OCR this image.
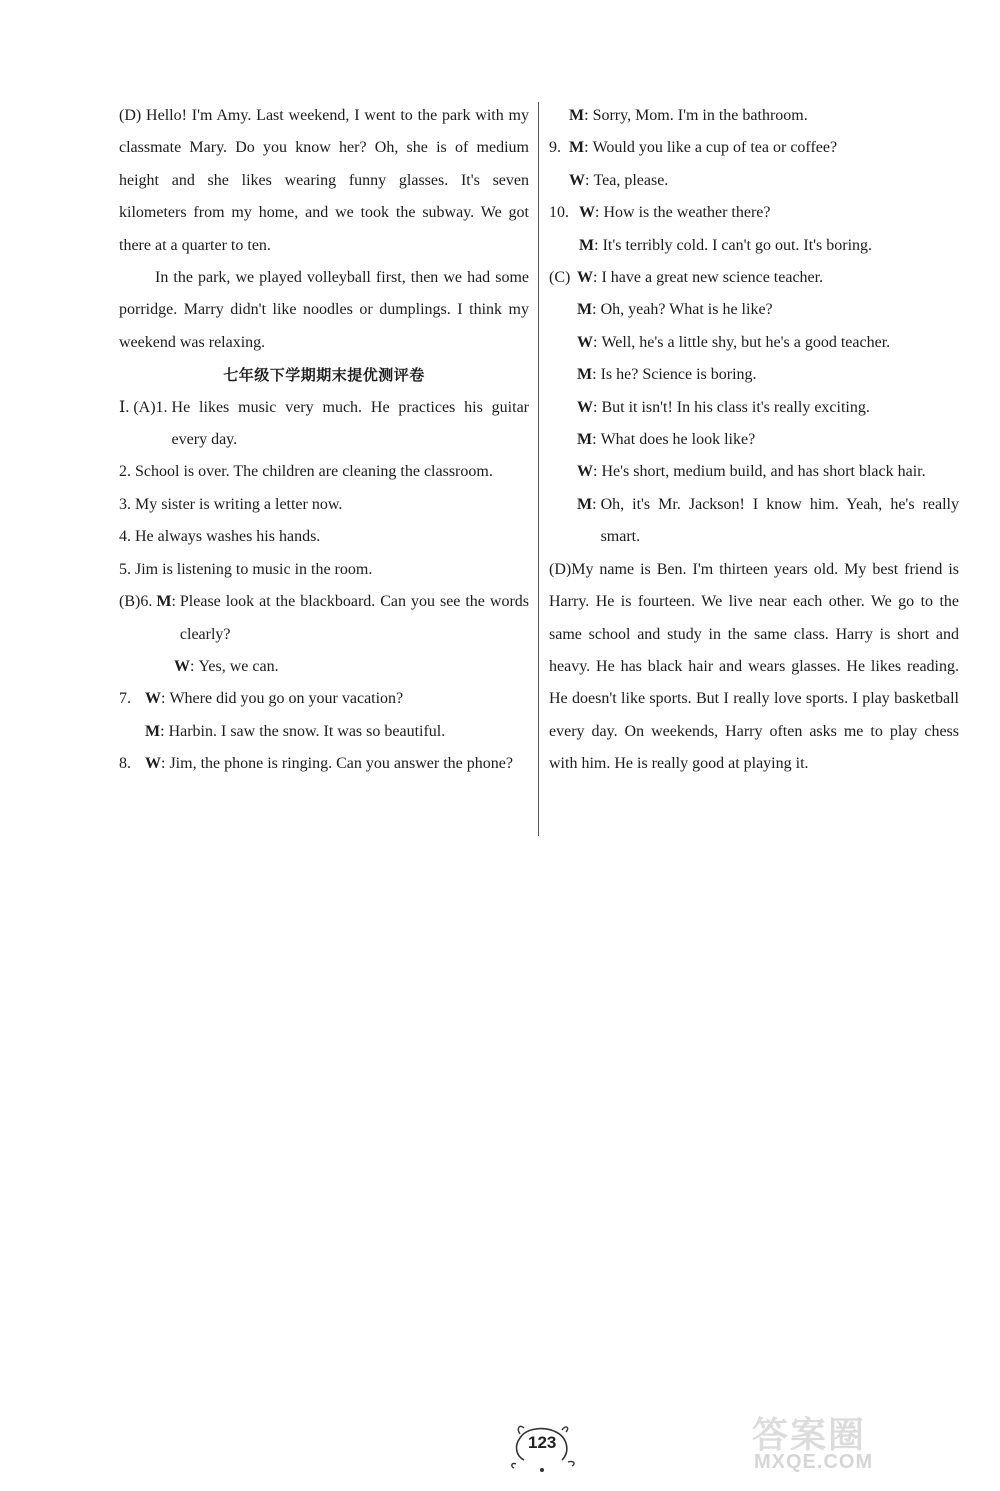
(D) Hello! I'm Amy. Last weekend, I went to the park with my classmate Mary. Do you know her? Oh, she is of medium height and she likes wearing funny glasses. It's seven kilometers from my home, and we took the subway. We got there at a quarter to ten.
In the park, we played volleyball first, then we had some porridge. Marry didn't like noodles or dumplings. I think my weekend was relaxing.
七年级下学期期末提优测评卷
Ⅰ. (A)1. He likes music very much. He practices his guitar every day.
2. School is over. The children are cleaning the classroom.
3. My sister is writing a letter now.
4. He always washes his hands.
5. Jim is listening to music in the room.
(B)6. M : Please look at the blackboard. Can you see the words clearly?
W : Yes, we can.
7. W : Where did you go on your vacation?
M : Harbin. I saw the snow. It was so beautiful.
8. W : Jim, the phone is ringing. Can you answer the phone?
M : Sorry, Mom. I'm in the bathroom.
9. M : Would you like a cup of tea or coffee?
W : Tea, please.
10. W : How is the weather there?
M : It's terribly cold. I can't go out. It's boring.
(C) W : I have a great new science teacher.
M : Oh, yeah? What is he like?
W : Well, he's a little shy, but he's a good teacher.
M : Is he? Science is boring.
W : But it isn't! In his class it's really exciting.
M : What does he look like?
W : He's short, medium build, and has short black hair.
M : Oh, it's Mr. Jackson! I know him. Yeah, he's really smart.
(D)My name is Ben. I'm thirteen years old. My best friend is Harry. He is fourteen. We live near each other. We go to the same school and study in the same class. Harry is short and heavy. He has black hair and wears glasses. He likes reading. He doesn't like sports. But I really love sports. I play basketball every day. On weekends, Harry often asks me to play chess with him. He is really good at playing it.
123	答案圈
MXQE.COM
